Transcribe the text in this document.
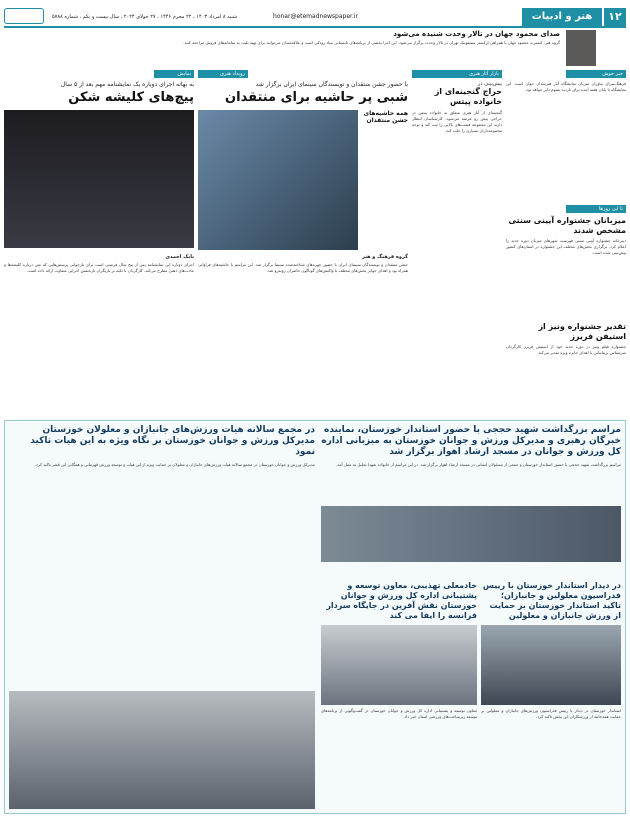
۱۲
هنر و ادبیات
honar@etemadnewspaper.ir
شنبه ۸ امرداد ۱۴۰۳ ، ۲۲ محرم ۱۴۴۶ ، ۲۷ جولای ۲۰۲۴ ، سال بیست و یکم ، شماره ۵۷۸۸
صدای محمود جهان در تالار وحدت شنیده می‌شود
گروه هنر: کنسرت محمود جهان با همراهی ارکستر سمفونیک تهران در تالار وحدت برگزار می‌شود. این اجرا بخشی از برنامه‌های تابستانی بنیاد رودکی است و علاقه‌مندان می‌توانند برای تهیه بلیت به سامانه‌های فروش مراجعه کنند.
خبر خوش
فرهنگ‌سرای نیاوران میزبان نمایشگاه آثار هنرمندان جوان است. این نمایشگاه تا پایان هفته آینده برای بازدید عموم دایر خواهد بود.
تا این روزها
میزبانان جشنواره آیینی سنتی مشخص شدند
دبیرخانه جشنواره آیینی سنتی فهرست شهرهای میزبان دوره جدید را اعلام کرد. برگزاری بخش‌های مختلف این جشنواره در استان‌های کشور پیش‌بینی شده است.
تقدیر جشنواره ونیز از استیفن فریرز
جشنواره فیلم ونیز در دوره جدید خود از استیفن فریرز کارگردان سرشناس بریتانیایی با اهدای جایزه ویژه تقدیر می‌کند.
بازار آثار هنری
پیش‌بینی در
حراج گنجینه‌ای از خانواده پیتس
گنجینه‌ای از آثار هنری متعلق به خانواده پیتس در حراجی پیش رو عرضه می‌شود. کارشناسان انتظار دارند این مجموعه قیمت‌های بالایی را ثبت کند و توجه مجموعه‌داران بسیاری را جلب کند.
رویداد هنری
با حضور جشن منتقدان و نویسندگان سینمای ایران برگزار شد
شبی پر حاشیه برای منتقدان
همه حاشیه‌های جشن منتقدان
گروه فرهنگ و هنر
جشن منتقدان و نویسندگان سینمای ایران با حضور چهره‌های شناخته‌شده سینما برگزار شد. این مراسم با حاشیه‌های فراوانی همراه بود و اهدای جوایز بخش‌های مختلف با واکنش‌های گوناگون حاضران روبه‌رو شد.
نمایش
به بهانه اجرای دوباره یک نمایشنامه مهم بعد از ۵ سال
پیچ‌های کلیشه شکن
بابک احمدی
اجرای دوباره این نمایشنامه پس از پنج سال فرصتی است برای بازخوانی پرسش‌هایی که متن درباره کلیشه‌ها و عادت‌های ذهنی مطرح می‌کند. کارگردان با تکیه بر بازیگران تازه‌نفس اجرایی متفاوت ارائه داده است.
مراسم بزرگداشت شهید حججی با حضور استاندار خوزستان، نماینده خبرگان رهبری و مدیرکل ورزش و جوانان خوزستان به میزبانی اداره کل ورزش و جوانان در مسجد ارشاد اهواز برگزار شد
مراسم بزرگداشت شهید حججی با حضور استاندار خوزستان و جمعی از مسئولان استانی در مسجد ارشاد اهواز برگزار شد. در این مراسم از خانواده شهدا تجلیل به عمل آمد.
در مجمع سالانه هیات ورزش‌های جانبازان و معلولان خوزستان مدیرکل ورزش و جوانان خوزستان بر نگاه ویژه به این هیات تاکید نمود
مدیرکل ورزش و جوانان خوزستان در مجمع سالانه هیات ورزش‌های جانبازان و معلولان بر حمایت ویژه از این هیات و توسعه ورزش قهرمانی و همگانی این قشر تاکید کرد.
در دیدار استاندار خوزستان با رییس فدراسیون معلولین و جانبازان؛ تاکید استاندار خوزستان بر حمایت از ورزش جانبازان و معلولین
استاندار خوزستان در دیدار با رییس فدراسیون ورزش‌های جانبازان و معلولین بر حمایت همه‌جانبه از ورزشکاران این بخش تاکید کرد.
خادمعلی تهذیبی، معاون توسعه و پشتیبانی اداره کل ورزش و جوانان خوزستان نقش آفرین در جایگاه سردار فرانسه را ایفا می کند
معاون توسعه و پشتیبانی اداره کل ورزش و جوانان خوزستان در گفت‌وگویی از برنامه‌های توسعه زیرساخت‌های ورزشی استان خبر داد.
